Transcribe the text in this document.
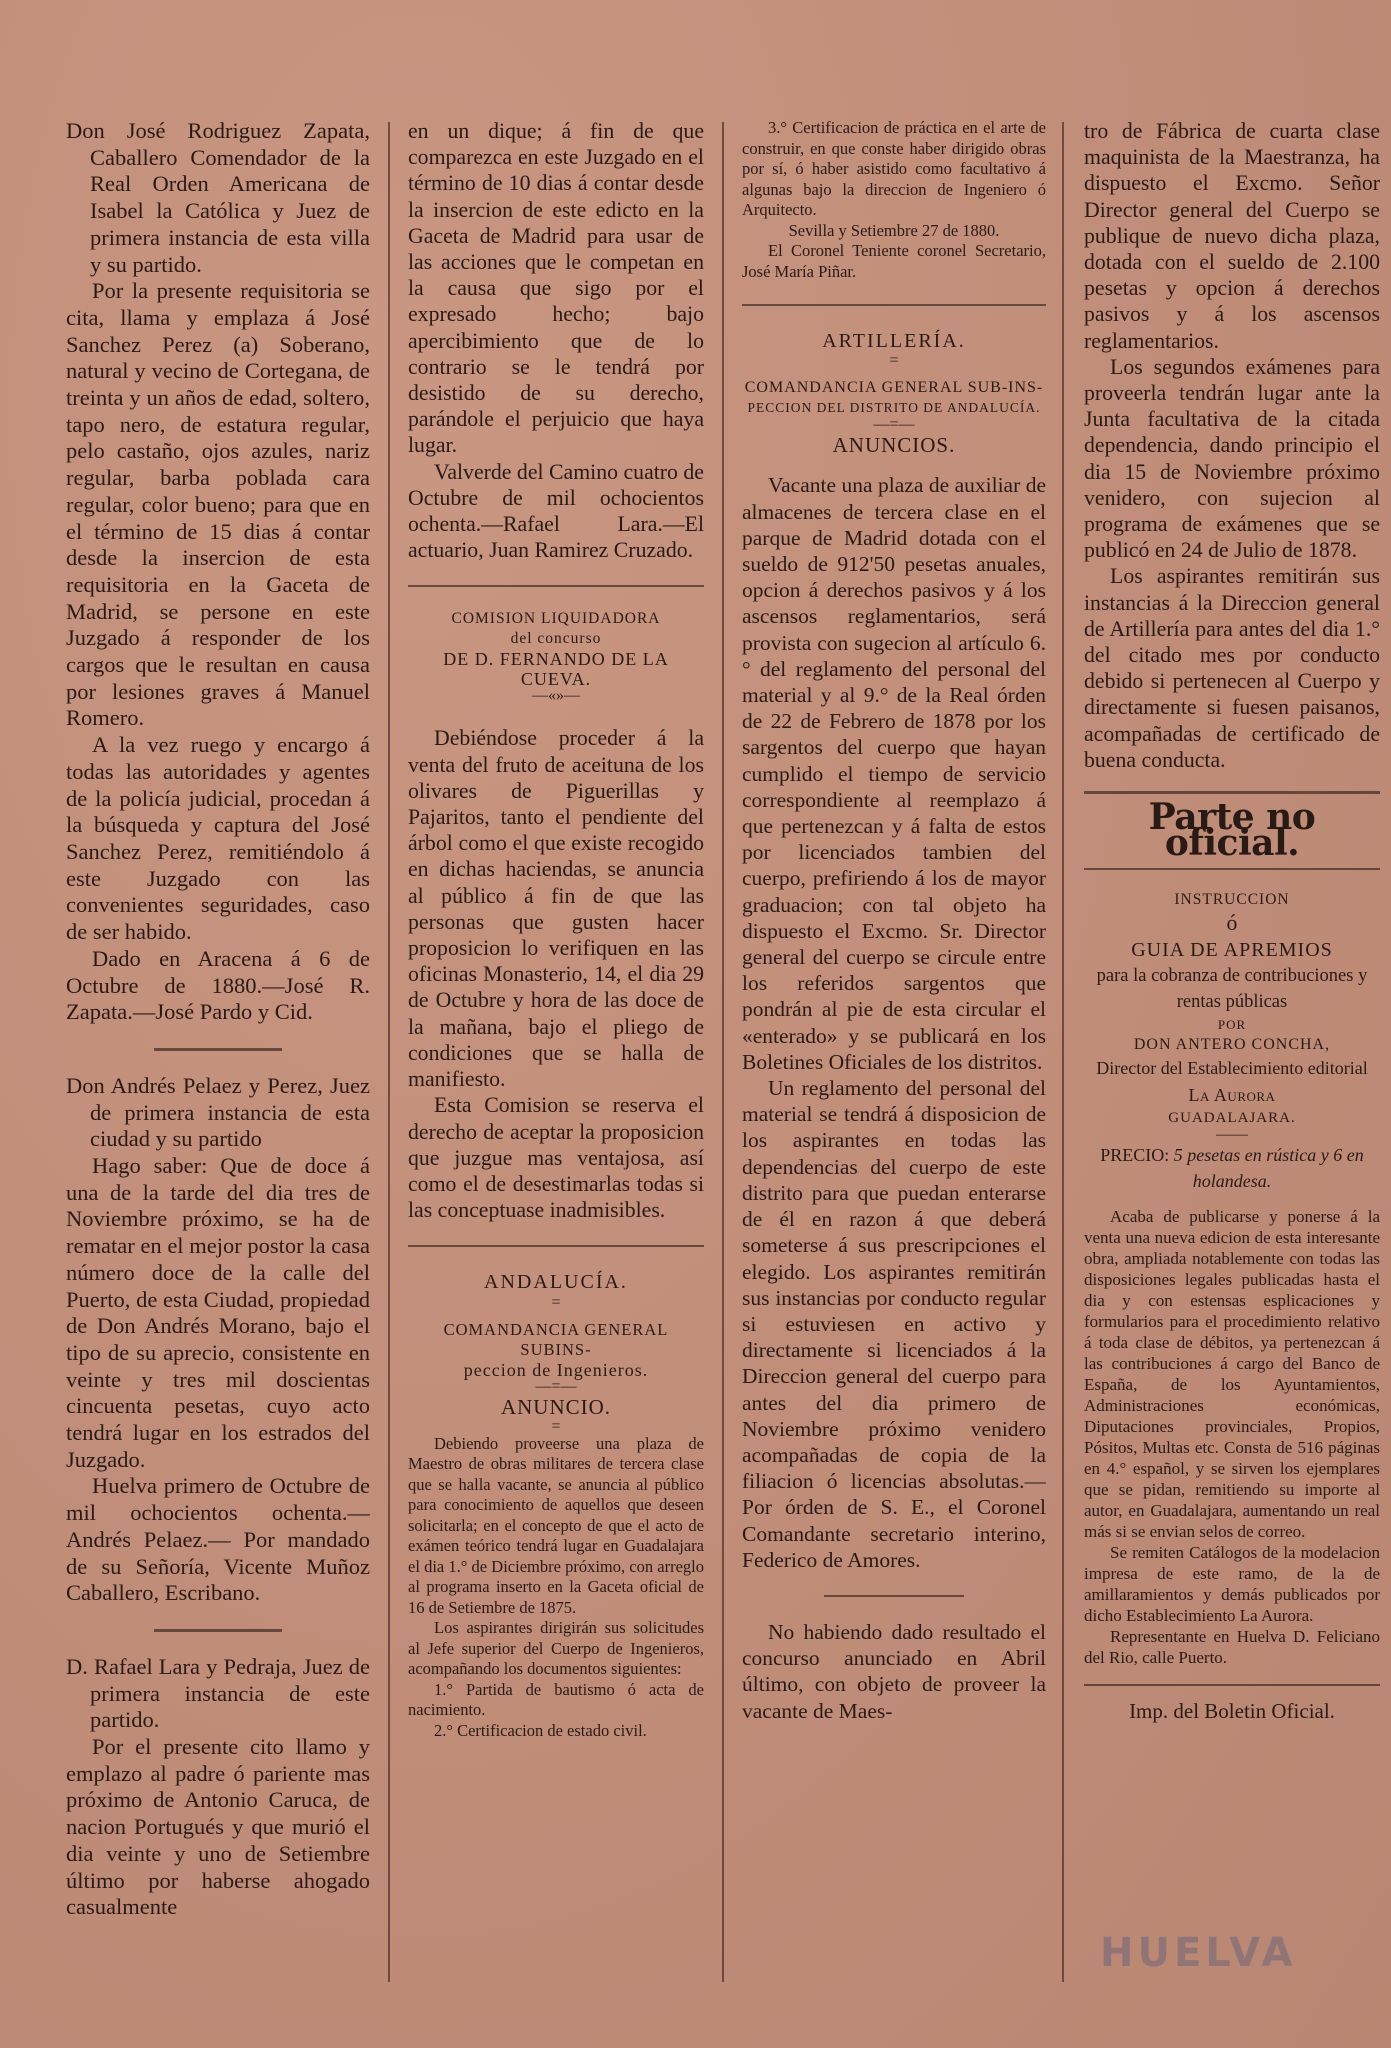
Don José Rodriguez Zapata, Caballero Comendador de la Real Orden Americana de Isabel la Católica y Juez de primera instancia de esta villa y su partido.

Por la presente requisitoria se cita, llama y emplaza á José Sanchez Perez (a) Soberano, natural y vecino de Cortegana, de treinta y un años de edad, soltero, tapo nero, de estatura regular, pelo castaño, ojos azules, nariz regular, barba poblada cara regular, color bueno; para que en el término de 15 dias á contar desde la insercion de esta requisitoria en la Gaceta de Madrid, se persone en este Juzgado á responder de los cargos que le resultan en causa por lesiones graves á Manuel Romero.

A la vez ruego y encargo á todas las autoridades y agentes de la policía judicial, procedan á la búsqueda y captura del José Sanchez Perez, remitiéndolo á este Juzgado con las convenientes seguridades, caso de ser habido.

Dado en Aracena á 6 de Octubre de 1880.—José R. Zapata.—José Pardo y Cid.

Don Andrés Pelaez y Perez, Juez de primera instancia de esta ciudad y su partido

Hago saber: Que de doce á una de la tarde del dia tres de Noviembre próximo, se ha de rematar en el mejor postor la casa número doce de la calle del Puerto, de esta Ciudad, propiedad de Don Andrés Morano, bajo el tipo de su aprecio, consistente en veinte y tres mil doscientas cincuenta pesetas, cuyo acto tendrá lugar en los estrados del Juzgado.

Huelva primero de Octubre de mil ochocientos ochenta.— Andrés Pelaez.— Por mandado de su Señoría, Vicente Muñoz Caballero, Escribano.

D. Rafael Lara y Pedraja, Juez de primera instancia de este partido.

Por el presente cito llamo y emplazo al padre ó pariente mas próximo de Antonio Caruca, de nacion Portugués y que murió el dia veinte y uno de Setiembre último por haberse ahogado casualmente

en un dique; á fin de que comparezca en este Juzgado en el término de 10 dias á contar desde la insercion de este edicto en la Gaceta de Madrid para usar de las acciones que le competan en la causa que sigo por el expresado hecho; bajo apercibimiento que de lo contrario se le tendrá por desistido de su derecho, parándole el perjuicio que haya lugar.

Valverde del Camino cuatro de Octubre de mil ochocientos ochenta.—Rafael Lara.—El actuario, Juan Ramirez Cruzado.

COMISION LIQUIDADORA

del concurso

DE D. FERNANDO DE LA CUEVA.

—«»—

Debiéndose proceder á la venta del fruto de aceituna de los olivares de Piguerillas y Pajaritos, tanto el pendiente del árbol como el que existe recogido en dichas haciendas, se anuncia al público á fin de que las personas que gusten hacer proposicion lo verifiquen en las oficinas Monasterio, 14, el dia 29 de Octubre y hora de las doce de la mañana, bajo el pliego de condiciones que se halla de manifiesto.

Esta Comision se reserva el derecho de aceptar la proposicion que juzgue mas ventajosa, así como el de desestimarlas todas si las conceptuase inadmisibles.

ANDALUCÍA.

=

COMANDANCIA GENERAL SUBINS-

peccion de Ingenieros.

—=—

ANUNCIO.

=

Debiendo proveerse una plaza de Maestro de obras militares de tercera clase que se halla vacante, se anuncia al público para conocimiento de aquellos que deseen solicitarla; en el concepto de que el acto de exámen teórico tendrá lugar en Guadalajara el dia 1.° de Diciembre próximo, con arreglo al programa inserto en la Gaceta oficial de 16 de Setiembre de 1875.

Los aspirantes dirigirán sus solicitudes al Jefe superior del Cuerpo de Ingenieros, acompañando los documentos siguientes:

1.° Partida de bautismo ó acta de nacimiento.

2.° Certificacion de estado civil.

3.° Certificacion de práctica en el arte de construir, en que conste haber dirigido obras por sí, ó haber asistido como facultativo á algunas bajo la direccion de Ingeniero ó Arquitecto.

Sevilla y Setiembre 27 de 1880.

El Coronel Teniente coronel Secretario, José María Piñar.

ARTILLERÍA.

=

COMANDANCIA GENERAL SUB-INS-

PECCION DEL DISTRITO DE ANDALUCÍA.

—=—

ANUNCIOS.

Vacante una plaza de auxiliar de almacenes de tercera clase en el parque de Madrid dotada con el sueldo de 912'50 pesetas anuales, opcion á derechos pasivos y á los ascensos reglamentarios, será provista con sugecion al artículo 6.° del reglamento del personal del material y al 9.° de la Real órden de 22 de Febrero de 1878 por los sargentos del cuerpo que hayan cumplido el tiempo de servicio correspondiente al reemplazo á que pertenezcan y á falta de estos por licenciados tambien del cuerpo, prefiriendo á los de mayor graduacion; con tal objeto ha dispuesto el Excmo. Sr. Director general del cuerpo se circule entre los referidos sargentos que pondrán al pie de esta circular el «enterado» y se publicará en los Boletines Oficiales de los distritos.

Un reglamento del personal del material se tendrá á disposicion de los aspirantes en todas las dependencias del cuerpo de este distrito para que puedan enterarse de él en razon á que deberá someterse á sus prescripciones el elegido. Los aspirantes remitirán sus instancias por conducto regular si estuviesen en activo y directamente si licenciados á la Direccion general del cuerpo para antes del dia primero de Noviembre próximo venidero acompañadas de copia de la filiacion ó licencias absolutas.— Por órden de S. E., el Coronel Comandante secretario interino, Federico de Amores.

No habiendo dado resultado el concurso anunciado en Abril último, con objeto de proveer la vacante de Maes-

tro de Fábrica de cuarta clase maquinista de la Maestranza, ha dispuesto el Excmo. Señor Director general del Cuerpo se publique de nuevo dicha plaza, dotada con el sueldo de 2.100 pesetas y opcion á derechos pasivos y á los ascensos reglamentarios.

Los segundos exámenes para proveerla tendrán lugar ante la Junta facultativa de la citada dependencia, dando principio el dia 15 de Noviembre próximo venidero, con sujecion al programa de exámenes que se publicó en 24 de Julio de 1878.

Los aspirantes remitirán sus instancias á la Direccion general de Artillería para antes del dia 1.° del citado mes por conducto debido si pertenecen al Cuerpo y directamente si fuesen paisanos, acompañadas de certificado de buena conducta.

Parte no oficial.

INSTRUCCION

ó

GUIA DE APREMIOS

para la cobranza de contribuciones y rentas públicas

POR

DON ANTERO CONCHA,

Director del Establecimiento editorial La Aurora

GUADALAJARA.

——

PRECIO: 5 pesetas en rústica y 6 en holandesa.

Acaba de publicarse y ponerse á la venta una nueva edicion de esta interesante obra, ampliada notablemente con todas las disposiciones legales publicadas hasta el dia y con estensas esplicaciones y formularios para el procedimiento relativo á toda clase de débitos, ya pertenezcan á las contribuciones á cargo del Banco de España, de los Ayuntamientos, Administraciones económicas, Diputaciones provinciales, Propios, Pósitos, Multas etc. Consta de 516 páginas en 4.° español, y se sirven los ejemplares que se pidan, remitiendo su importe al autor, en Guadalajara, aumentando un real más si se envian selos de correo.

Se remiten Catálogos de la modelacion impresa de este ramo, de la de amillaramientos y demás publicados por dicho Establecimiento La Aurora.

Representante en Huelva D. Feliciano del Rio, calle Puerto.

Imp. del Boletin Oficial.

HUELVA
